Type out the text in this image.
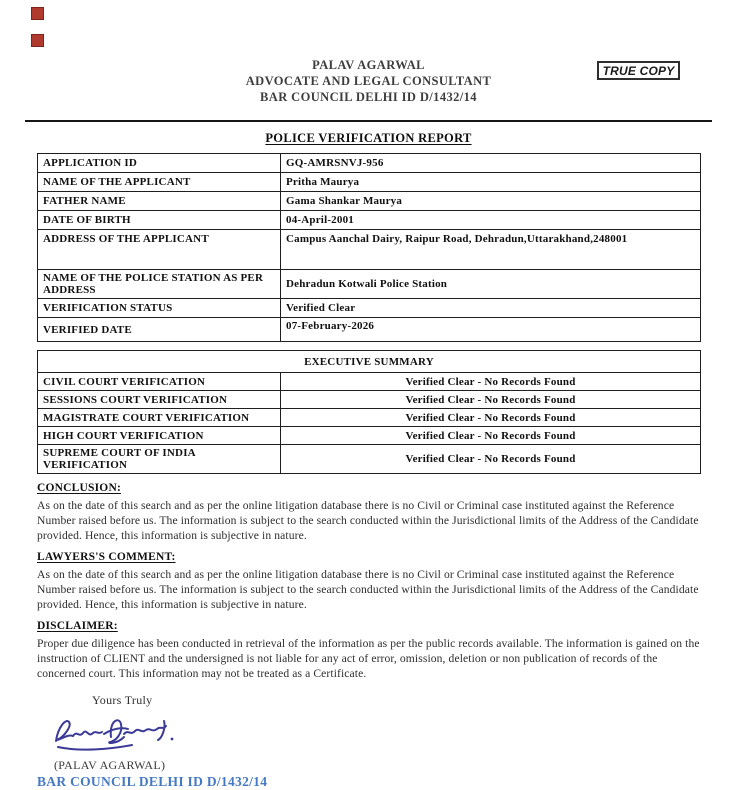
TRUE COPY
PALAV AGARWAL
ADVOCATE AND LEGAL CONSULTANT
BAR COUNCIL DELHI ID D/1432/14
POLICE VERIFICATION REPORT
APPLICATION ID	GQ-AMRSNVJ-956
NAME OF THE APPLICANT	Pritha Maurya
FATHER NAME	Gama Shankar Maurya
DATE OF BIRTH	04-April-2001
ADDRESS OF THE APPLICANT	Campus Aanchal Dairy, Raipur Road, Dehradun,Uttarakhand,248001
NAME OF THE POLICE STATION AS PER ADDRESS	Dehradun Kotwali Police Station
VERIFICATION STATUS	Verified Clear
VERIFIED DATE	07-February-2026
EXECUTIVE SUMMARY	
CIVIL COURT VERIFICATION	Verified Clear - No Records Found
SESSIONS COURT VERIFICATION	Verified Clear - No Records Found
MAGISTRATE COURT VERIFICATION	Verified Clear - No Records Found
HIGH COURT VERIFICATION	Verified Clear - No Records Found
SUPREME COURT OF INDIA VERIFICATION	Verified Clear - No Records Found
CONCLUSION:
As on the date of this search and as per the online litigation database there is no Civil or Criminal case instituted against the Reference Number raised before us. The information is subject to the search conducted within the Jurisdictional limits of the Address of the Candidate provided. Hence, this information is subjective in nature.
LAWYERS'S COMMENT:
As on the date of this search and as per the online litigation database there is no Civil or Criminal case instituted against the Reference Number raised before us. The information is subject to the search conducted within the Jurisdictional limits of the Address of the Candidate provided. Hence, this information is subjective in nature.
DISCLAIMER:
Proper due diligence has been conducted in retrieval of the information as per the public records available. The information is gained on the instruction of CLIENT and the undersigned is not liable for any act of error, omission, deletion or non publication of records of the concerned court. This information may not be treated as a Certificate.
Yours Truly
(PALAV AGARWAL)
BAR COUNCIL DELHI ID D/1432/14
